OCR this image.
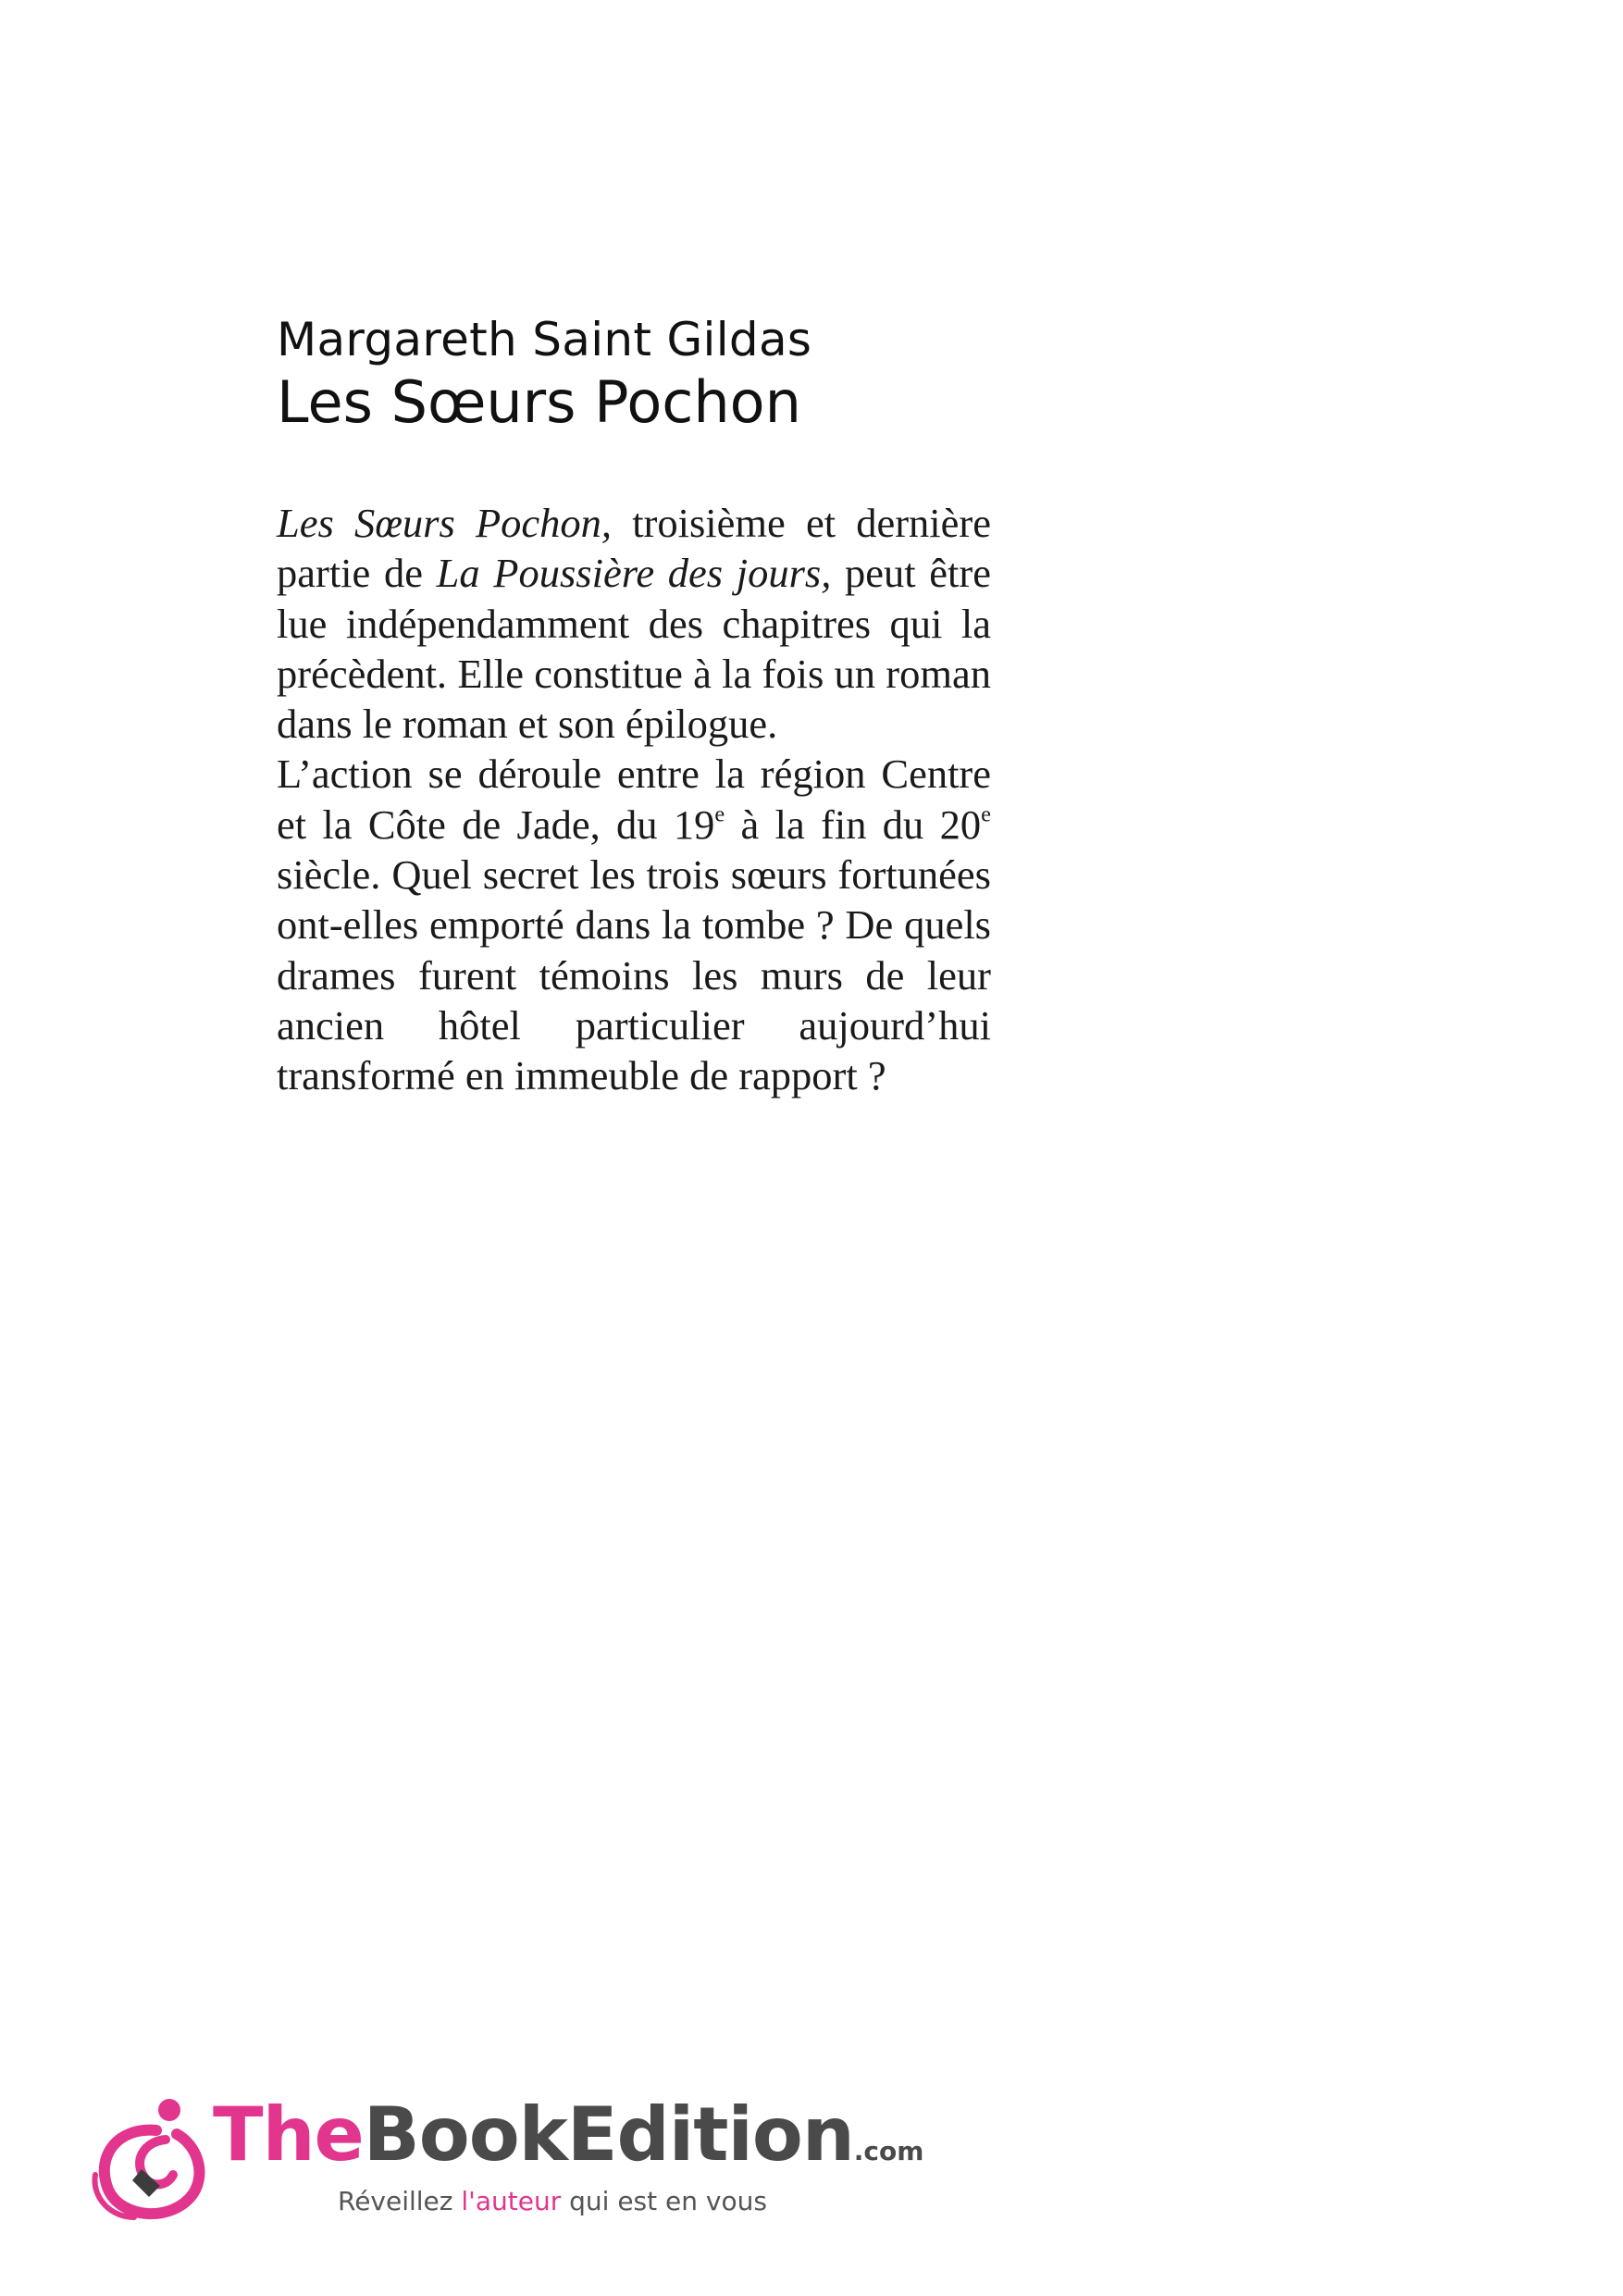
Margareth Saint Gildas
Les Sœurs Pochon

Les Sœurs Pochon, troisième et dernière partie de La Poussière des jours, peut être lue indépendamment des chapitres qui la précèdent. Elle constitue à la fois un roman dans le roman et son épilogue.

L’action se déroule entre la région Centre et la Côte de Jade, du 19e à la fin du 20e siècle. Quel secret les trois sœurs fortunées ont-elles emporté dans la tombe ? De quels drames furent témoins les murs de leur ancien hôtel particulier aujourd’hui transformé en immeuble de rapport ?

TheBookEdition.com
Réveillez l'auteur qui est en vous
